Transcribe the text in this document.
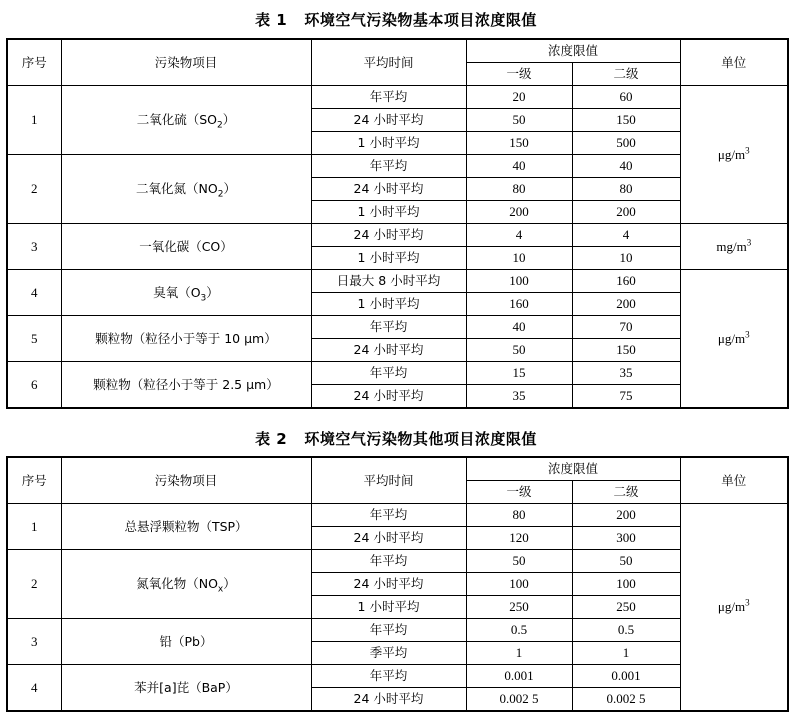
表 1 环境空气污染物基本项目浓度限值
序号	污染物项目	平均时间	浓度限值		单位
			一级	二级	
1	二氧化硫$(SO_2)$	年平均	20	60	$\mu g/m^3$
		24 小时平均	50	150	
		1 小时平均	150	500	
2	二氧化氮$(NO_2)$	年平均	40	40	
		24 小时平均	80	80	
		1 小时平均	200	200	
3	一氧化碳（CO）	24 小时平均	4	4	$mg/m^3$
		1 小时平均	10	10	
4	臭氧$(O_3)$	日最大 8 小时平均	100	160	$\mu g/m^3$
		1 小时平均	160	200	
5	颗粒物（粒径小于等于 10 μm）	年平均	40	70	
		24 小时平均	50	150	
6	颗粒物（粒径小于等于 2.5 μm）	年平均	15	35	
		24 小时平均	35	75	
表 2 环境空气污染物其他项目浓度限值
序号	污染物项目	平均时间	浓度限值		单位
			一级	二级	
1	总悬浮颗粒物（TSP）	年平均	80	200	$\mu g/m^3$
		24 小时平均	120	300	
2	氮氧化物$(NO_x)$	年平均	50	50	
		24 小时平均	100	100	
		1 小时平均	250	250	
3	铅（Pb）	年平均	0.5	0.5	
		季平均	1	1	
4	苯并[a]芘（BaP）	年平均	0.001	0.001	
		24 小时平均	0.002 5	0.002 5	
